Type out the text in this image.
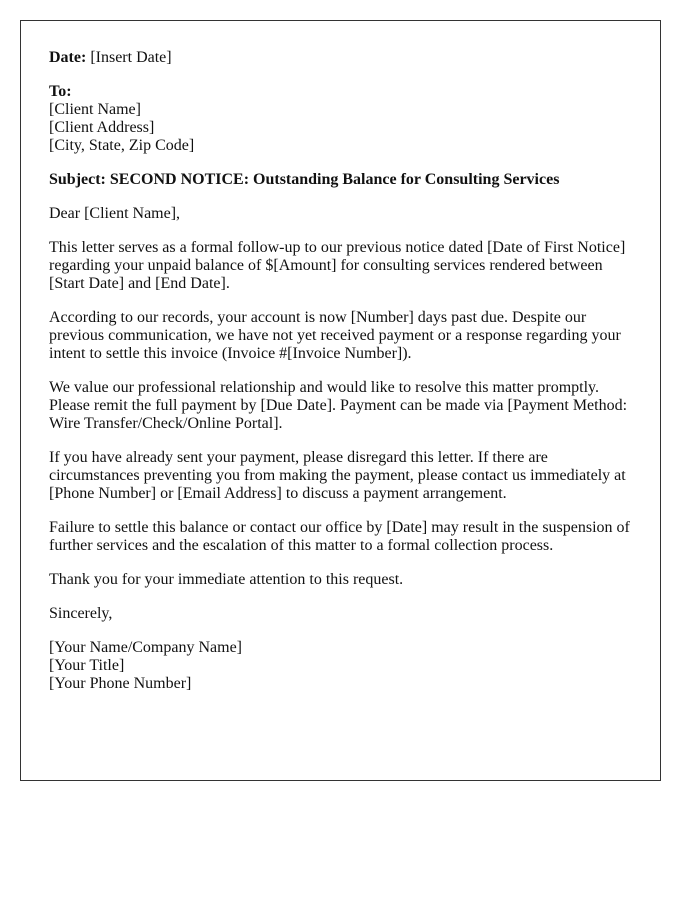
Date: [Insert Date]

To:
[Client Name]
[Client Address]
[City, State, Zip Code]

Subject: SECOND NOTICE: Outstanding Balance for Consulting Services

Dear [Client Name],

This letter serves as a formal follow-up to our previous notice dated [Date of First Notice] regarding your unpaid balance of $[Amount] for consulting services rendered between [Start Date] and [End Date].

According to our records, your account is now [Number] days past due. Despite our previous communication, we have not yet received payment or a response regarding your intent to settle this invoice (Invoice #[Invoice Number]).

We value our professional relationship and would like to resolve this matter promptly. Please remit the full payment by [Due Date]. Payment can be made via [Payment Method: Wire Transfer/Check/Online Portal].

If you have already sent your payment, please disregard this letter. If there are circumstances preventing you from making the payment, please contact us immediately at [Phone Number] or [Email Address] to discuss a payment arrangement.

Failure to settle this balance or contact our office by [Date] may result in the suspension of further services and the escalation of this matter to a formal collection process.

Thank you for your immediate attention to this request.

Sincerely,

[Your Name/Company Name]
[Your Title]
[Your Phone Number]
